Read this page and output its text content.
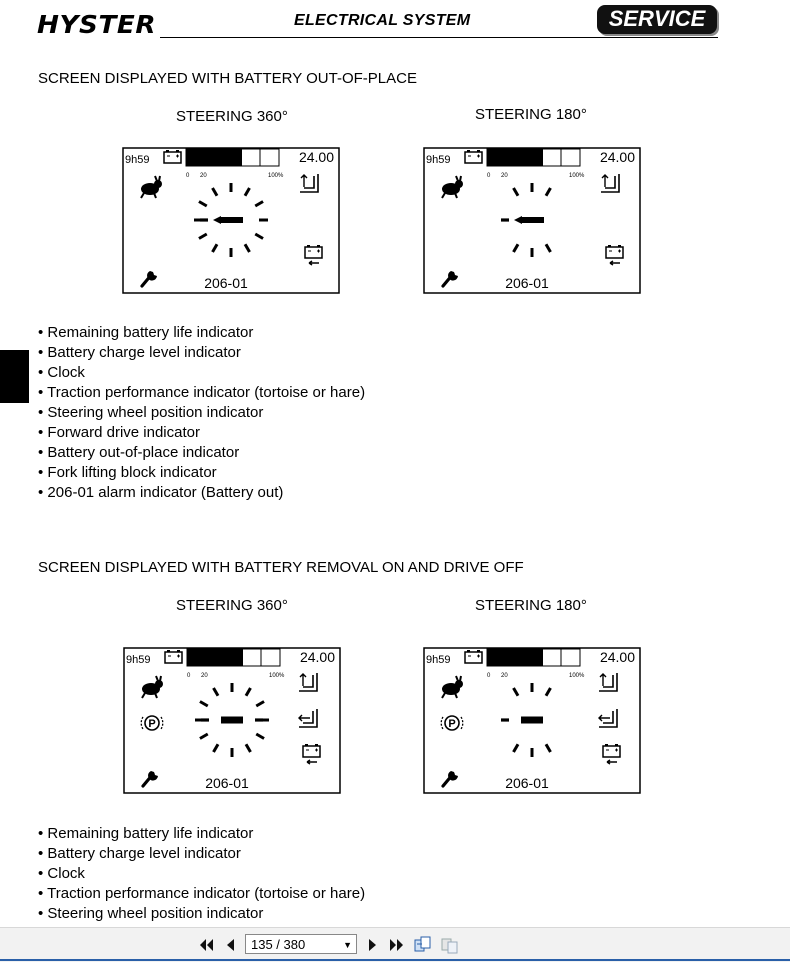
HYSTER	ELECTRICAL SYSTEM	SERVICE
SCREEN DISPLAYED WITH BATTERY OUT-OF-PLACE
STEERING 360°	STEERING 180°
9h59
0 20	100%
24.00
206-01
9h59
0 20	100%
24.00
206-01
• Remaining battery life indicator
• Battery charge level indicator
• Clock
• Traction performance indicator (tortoise or hare)
• Steering wheel position indicator
• Forward drive indicator
• Battery out-of-place indicator
• Fork lifting block indicator
• 206-01 alarm indicator (Battery out)
SCREEN DISPLAYED WITH BATTERY REMOVAL ON AND DRIVE OFF
STEERING 360°	STEERING 180°
9h59
0 20	100%
24.00
P
206-01
9h59
0 20	100%
24.00
P
206-01
• Remaining battery life indicator
• Battery charge level indicator
• Clock
• Traction performance indicator (tortoise or hare)
• Steering wheel position indicator
135 / 380	▼
